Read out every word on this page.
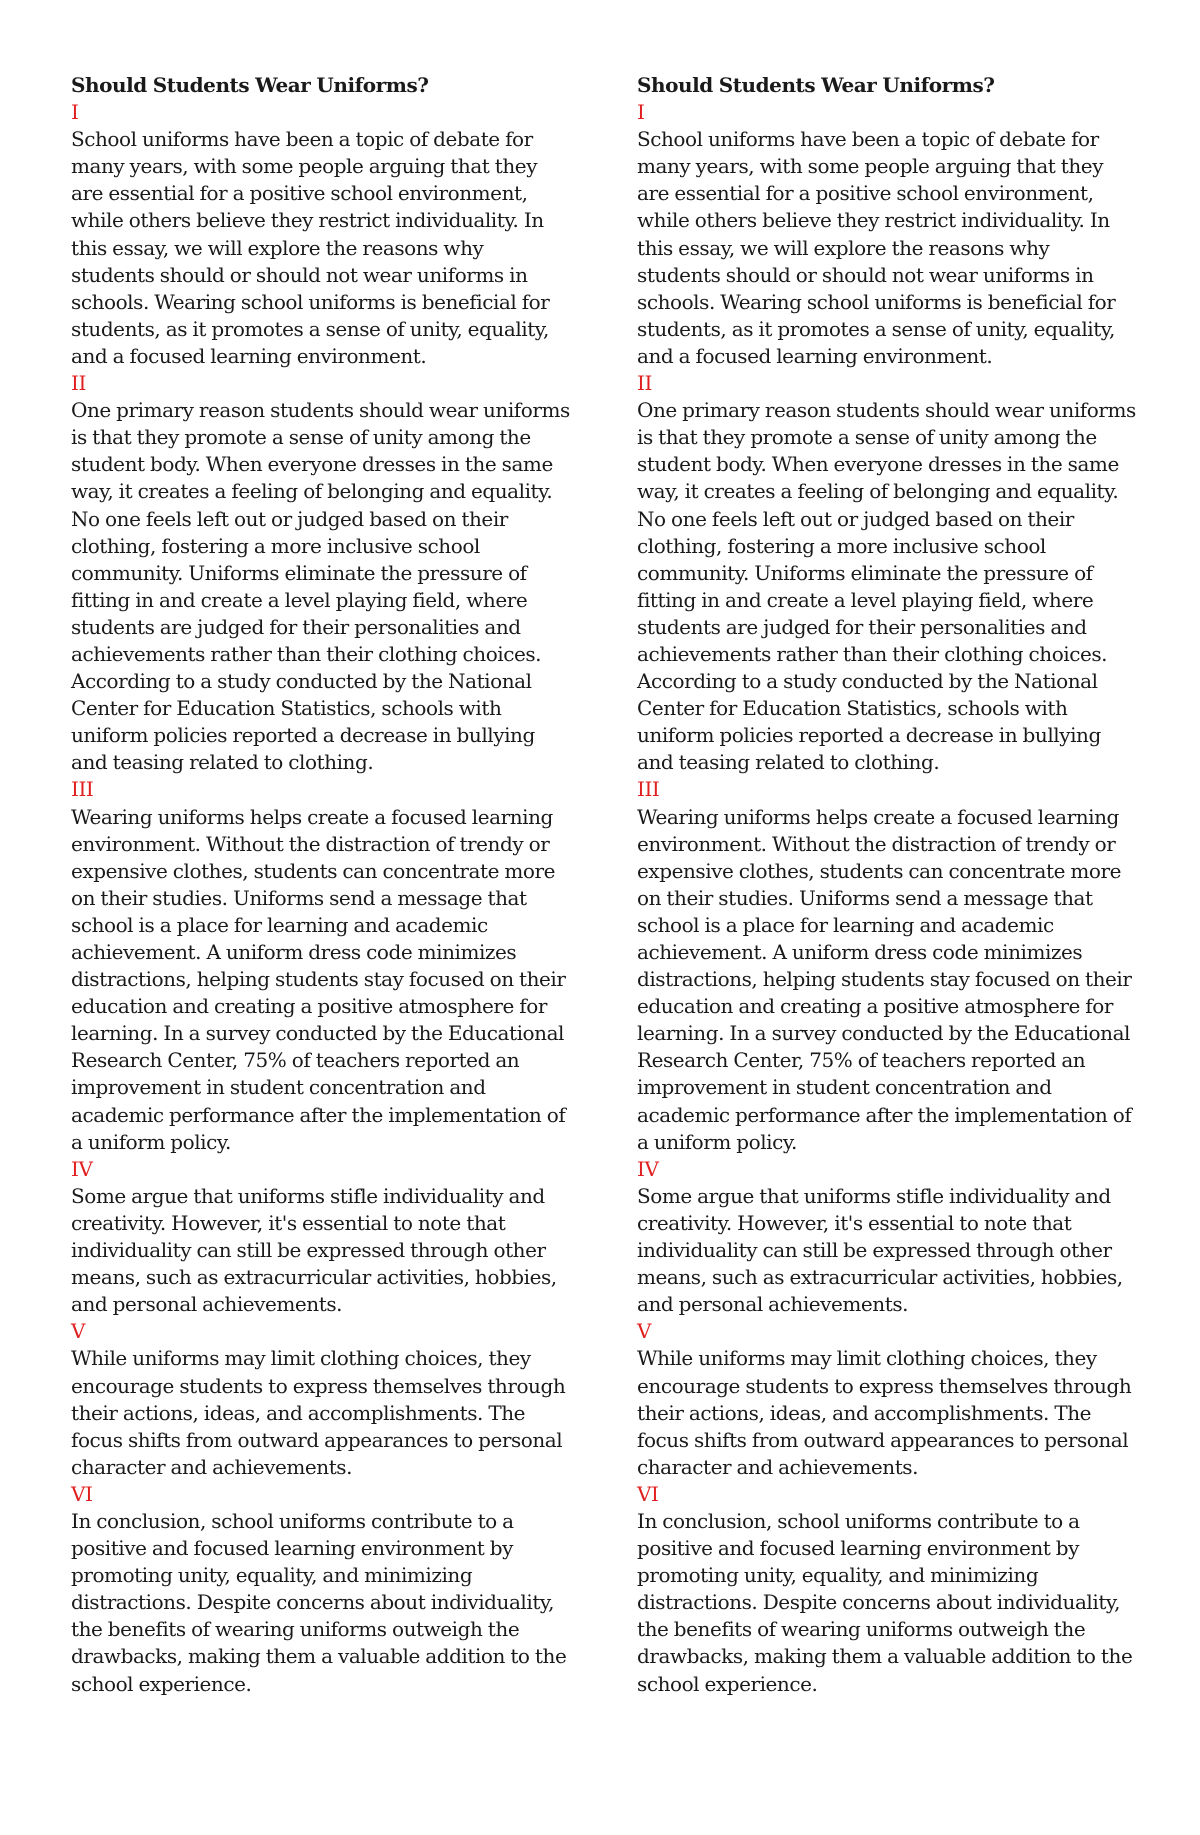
Should Students Wear Uniforms?

I

School uniforms have been a topic of debate for many years, with some people arguing that they are essential for a positive school environment, while others believe they restrict individuality. In this essay, we will explore the reasons why students should or should not wear uniforms in schools. Wearing school uniforms is beneficial for students, as it promotes a sense of unity, equality, and a focused learning environment.

II

One primary reason students should wear uniforms is that they promote a sense of unity among the student body. When everyone dresses in the same way, it creates a feeling of belonging and equality. No one feels left out or judged based on their clothing, fostering a more inclusive school community. Uniforms eliminate the pressure of fitting in and create a level playing field, where students are judged for their personalities and achievements rather than their clothing choices. According to a study conducted by the National Center for Education Statistics, schools with uniform policies reported a decrease in bullying and teasing related to clothing.

III

Wearing uniforms helps create a focused learning environment. Without the distraction of trendy or expensive clothes, students can concentrate more on their studies. Uniforms send a message that school is a place for learning and academic achievement. A uniform dress code minimizes distractions, helping students stay focused on their education and creating a positive atmosphere for learning. In a survey conducted by the Educational Research Center, 75% of teachers reported an improvement in student concentration and academic performance after the implementation of a uniform policy.

IV

Some argue that uniforms stifle individuality and creativity. However, it's essential to note that individuality can still be expressed through other means, such as extracurricular activities, hobbies, and personal achievements.

V

While uniforms may limit clothing choices, they encourage students to express themselves through their actions, ideas, and accomplishments. The focus shifts from outward appearances to personal character and achievements.

VI

In conclusion, school uniforms contribute to a positive and focused learning environment by promoting unity, equality, and minimizing distractions. Despite concerns about individuality, the benefits of wearing uniforms outweigh the drawbacks, making them a valuable addition to the school experience.

Should Students Wear Uniforms?

I

School uniforms have been a topic of debate for many years, with some people arguing that they are essential for a positive school environment, while others believe they restrict individuality. In this essay, we will explore the reasons why students should or should not wear uniforms in schools. Wearing school uniforms is beneficial for students, as it promotes a sense of unity, equality, and a focused learning environment.

II

One primary reason students should wear uniforms is that they promote a sense of unity among the student body. When everyone dresses in the same way, it creates a feeling of belonging and equality. No one feels left out or judged based on their clothing, fostering a more inclusive school community. Uniforms eliminate the pressure of fitting in and create a level playing field, where students are judged for their personalities and achievements rather than their clothing choices. According to a study conducted by the National Center for Education Statistics, schools with uniform policies reported a decrease in bullying and teasing related to clothing.

III

Wearing uniforms helps create a focused learning environment. Without the distraction of trendy or expensive clothes, students can concentrate more on their studies. Uniforms send a message that school is a place for learning and academic achievement. A uniform dress code minimizes distractions, helping students stay focused on their education and creating a positive atmosphere for learning. In a survey conducted by the Educational Research Center, 75% of teachers reported an improvement in student concentration and academic performance after the implementation of a uniform policy.

IV

Some argue that uniforms stifle individuality and creativity. However, it's essential to note that individuality can still be expressed through other means, such as extracurricular activities, hobbies, and personal achievements.

V

While uniforms may limit clothing choices, they encourage students to express themselves through their actions, ideas, and accomplishments. The focus shifts from outward appearances to personal character and achievements.

VI

In conclusion, school uniforms contribute to a positive and focused learning environment by promoting unity, equality, and minimizing distractions. Despite concerns about individuality, the benefits of wearing uniforms outweigh the drawbacks, making them a valuable addition to the school experience.
